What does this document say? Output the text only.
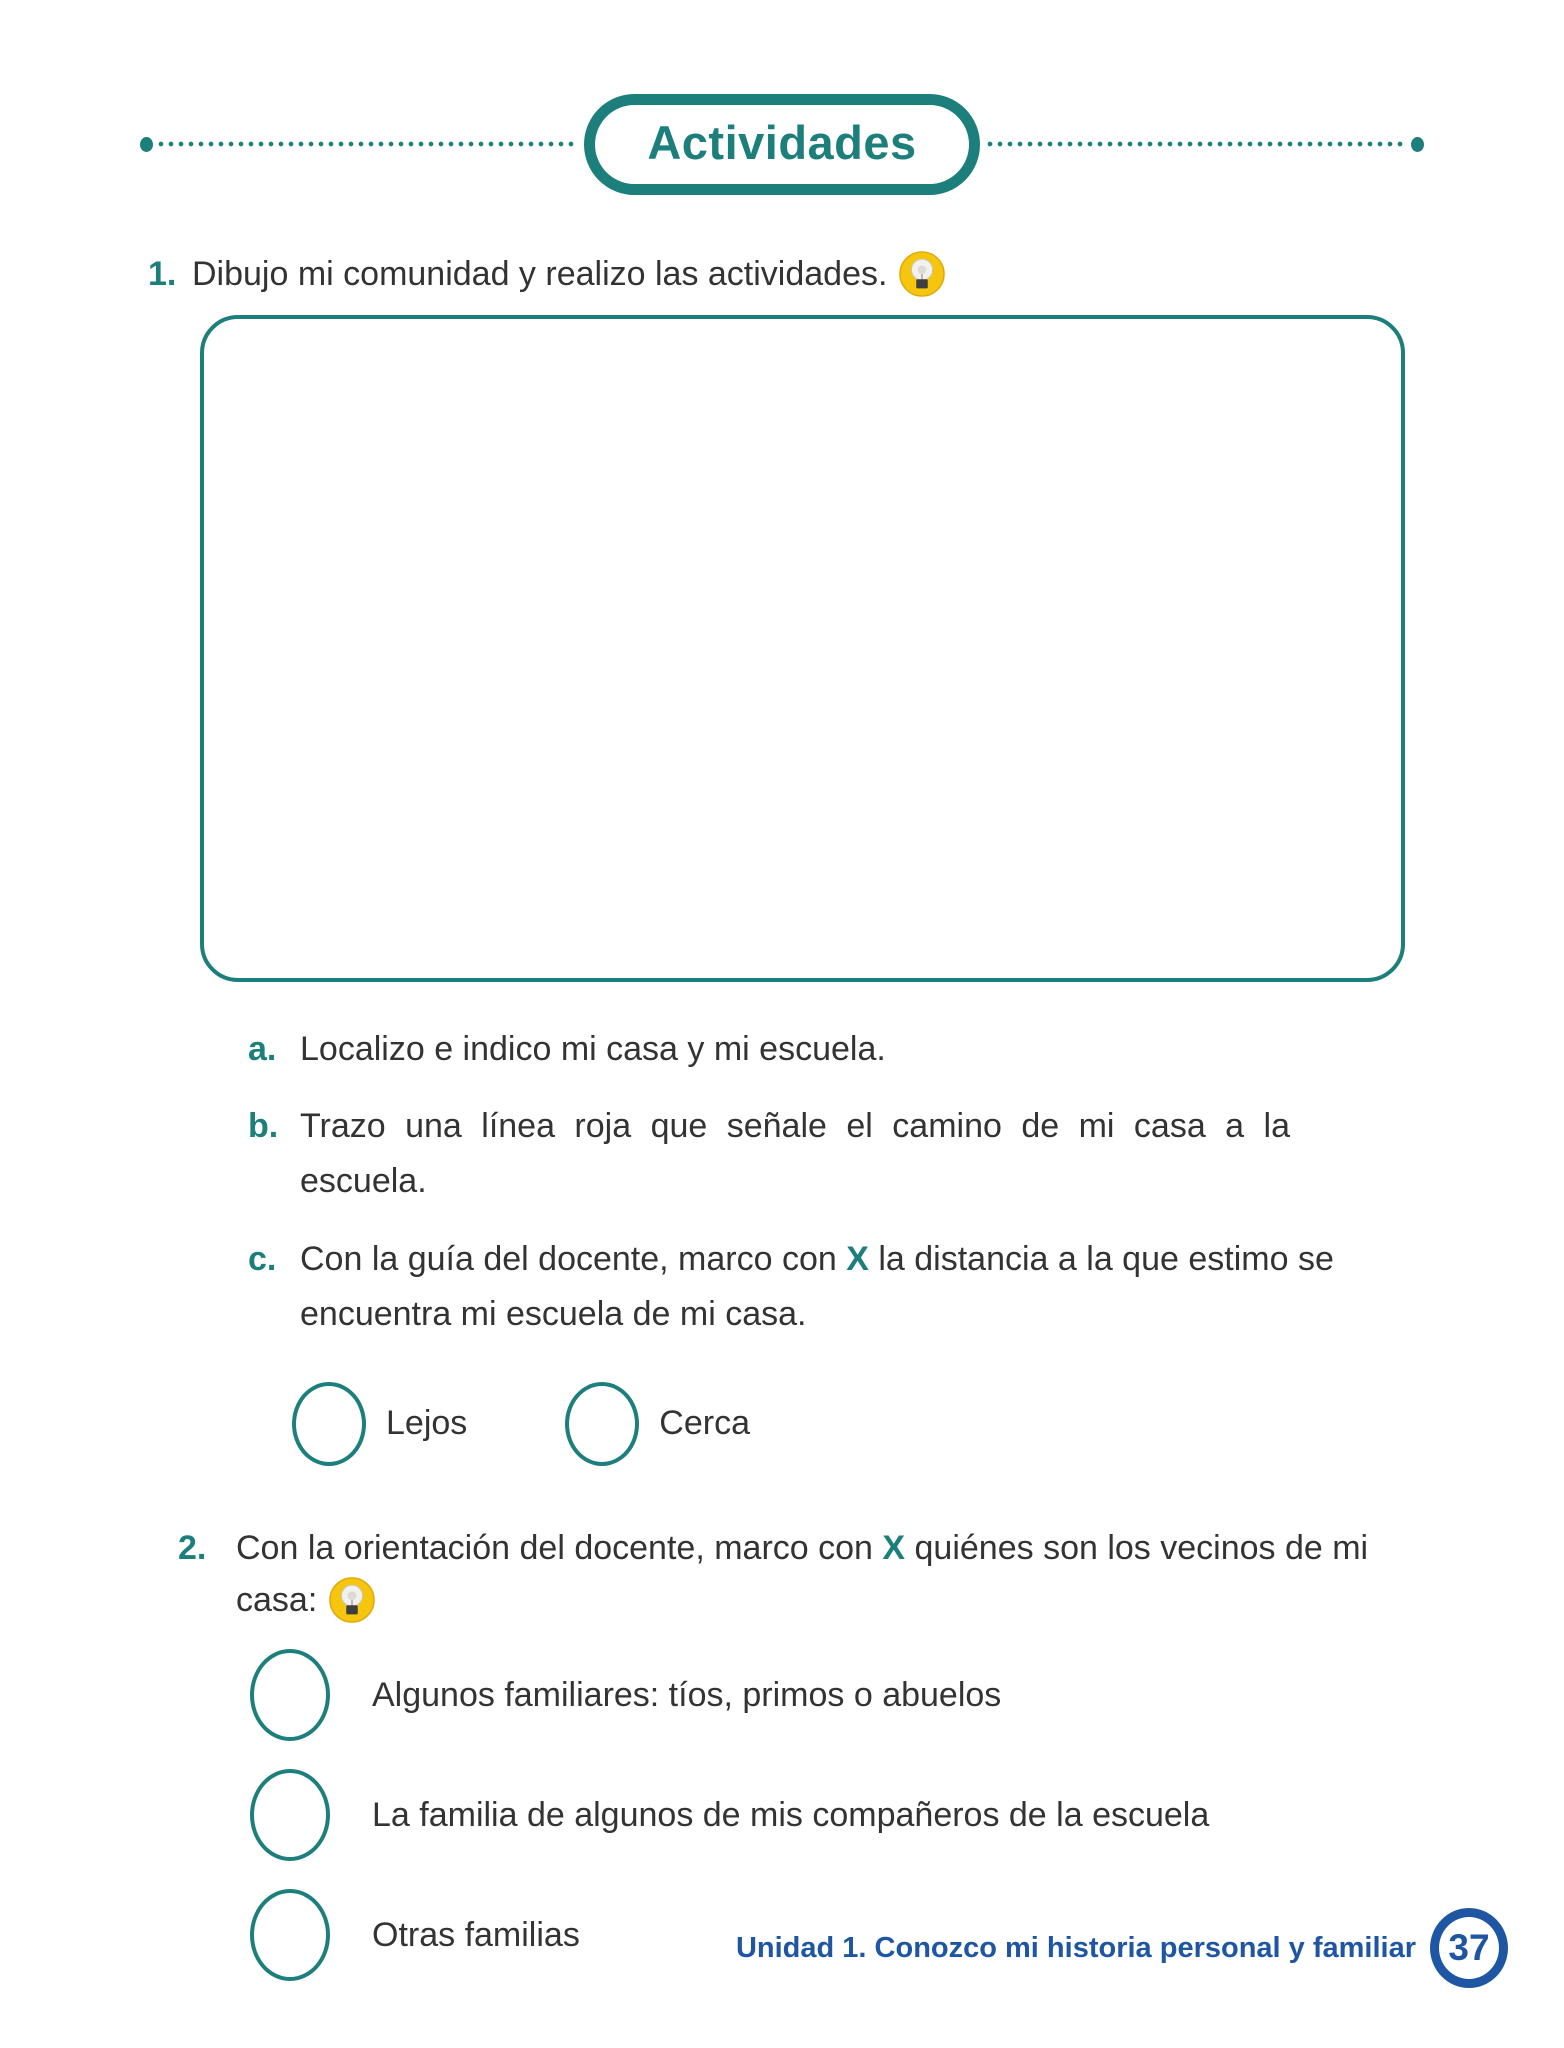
Actividades
1. Dibujo mi comunidad y realizo las actividades.
a. Localizo e indico mi casa y mi escuela.
b. Trazo una línea roja que señale el camino de mi casa a la escuela.
c. Con la guía del docente, marco con X la distancia a la que estimo se encuentra mi escuela de mi casa.
Lejos	Cerca
2. Con la orientación del docente, marco con X quiénes son los vecinos de mi casa:
Algunos familiares: tíos, primos o abuelos
La familia de algunos de mis compañeros de la escuela
Otras familias	Unidad 1. Conozco mi historia personal y familiar 37
